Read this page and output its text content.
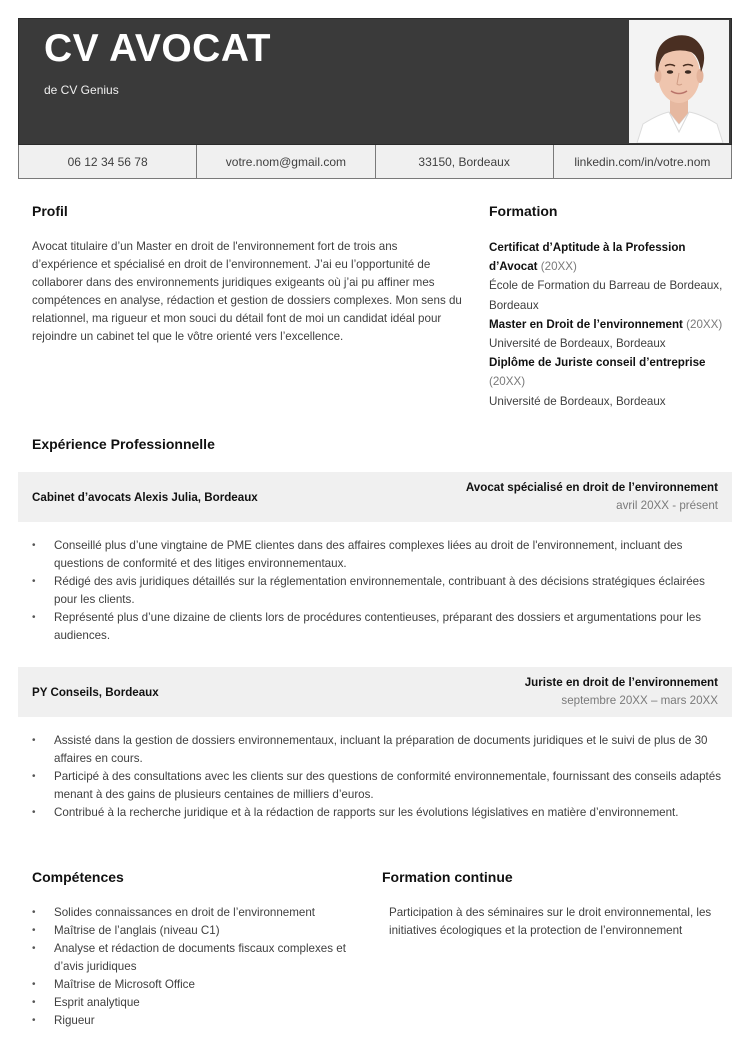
CV AVOCAT
de CV Genius
06 12 34 56 78	votre.nom@gmail.com	33150, Bordeaux	linkedin.com/in/votre.nom
Profil

Avocat titulaire d’un Master en droit de l'environnement fort de trois ans d’expérience et spécialisé en droit de l’environnement. J’ai eu l’opportunité de collaborer dans des environnements juridiques exigeants où j’ai pu affiner mes compétences en analyse, rédaction et gestion de dossiers complexes. Mon sens du relationnel, ma rigueur et mon souci du détail font de moi un candidat idéal pour rejoindre un cabinet tel que le vôtre orienté vers l’excellence.

Formation
Certificat d’Aptitude à la Profession d’Avocat (20XX)
École de Formation du Barreau de Bordeaux, Bordeaux
Master en Droit de l’environnement (20XX)
Université de Bordeaux, Bordeaux
Diplôme de Juriste conseil d’entreprise
(20XX)
Université de Bordeaux, Bordeaux
Expérience Professionnelle
Cabinet d’avocats Alexis Julia, Bordeaux
Avocat spécialisé en droit de l’environnement
avril 20XX - présent
•	Conseillé plus d’une vingtaine de PME clientes dans des affaires complexes liées au droit de l'environnement, incluant des questions de conformité et des litiges environnementaux.
•	Rédigé des avis juridiques détaillés sur la réglementation environnementale, contribuant à des décisions stratégiques éclairées pour les clients.
•	Représenté plus d’une dizaine de clients lors de procédures contentieuses, préparant des dossiers et argumentations pour les audiences.
PY Conseils, Bordeaux
Juriste en droit de l’environnement
septembre 20XX – mars 20XX
•	Assisté dans la gestion de dossiers environnementaux, incluant la préparation de documents juridiques et le suivi de plus de 30 affaires en cours.
•	Participé à des consultations avec les clients sur des questions de conformité environnementale, fournissant des conseils adaptés menant à des gains de plusieurs centaines de milliers d’euros.
•	Contribué à la recherche juridique et à la rédaction de rapports sur les évolutions législatives en matière d’environnement.
Compétences
•	Solides connaissances en droit de l’environnement
•	Maîtrise de l’anglais (niveau C1)
•	Analyse et rédaction de documents fiscaux complexes et d’avis juridiques
•	Maîtrise de Microsoft Office
•	Esprit analytique
•	Rigueur
Formation continue

Participation à des séminaires sur le droit environnemental, les initiatives écologiques et la protection de l’environnement
